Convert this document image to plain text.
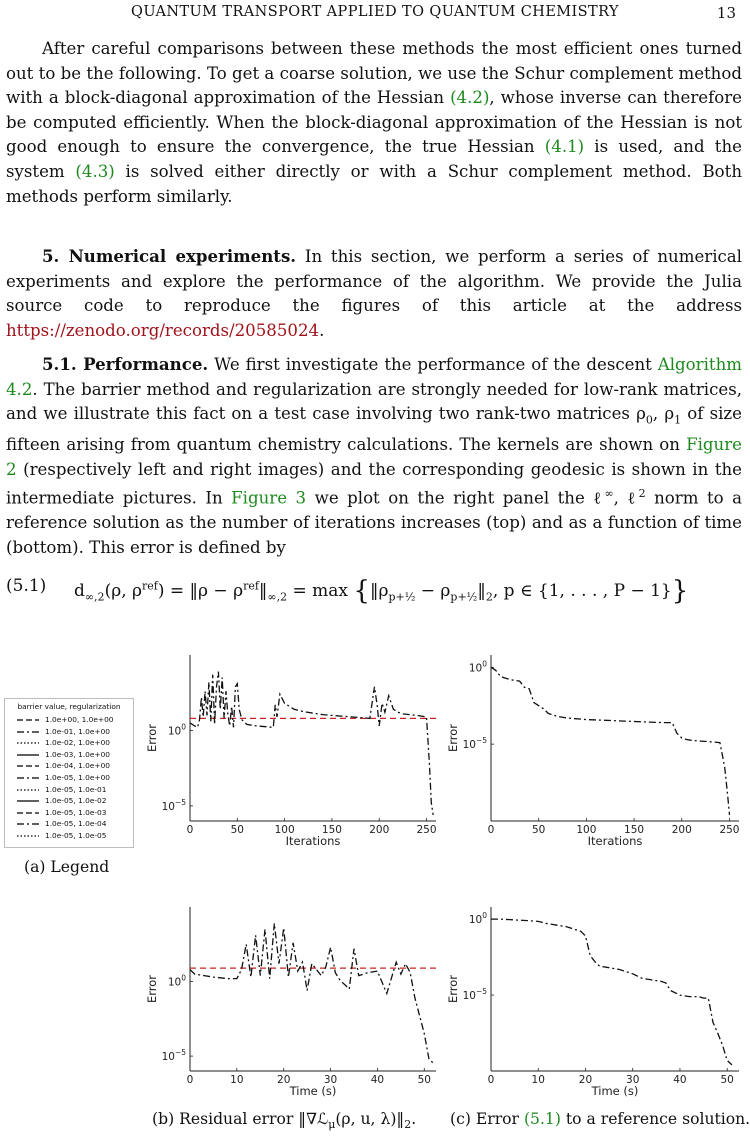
QUANTUM TRANSPORT APPLIED TO QUANTUM CHEMISTRY	13
After careful comparisons between these methods the most efficient ones turned out to be the following. To get a coarse solution, we use the Schur complement method with a block-diagonal approximation of the Hessian (4.2), whose inverse can therefore be computed efficiently. When the block-diagonal approximation of the Hessian is not good enough to ensure the convergence, the true Hessian (4.1) is used, and the system (4.3) is solved either directly or with a Schur complement method. Both methods perform similarly.
5. Numerical experiments. In this section, we perform a series of numerical experiments and explore the performance of the algorithm. We provide the Julia source code to reproduce the figures of this article at the address https://zenodo.org/records/20585024.
5.1. Performance. We first investigate the performance of the descent Algorithm 4.2. The barrier method and regularization are strongly needed for low-rank matrices, and we illustrate this fact on a test case involving two rank-two matrices $\rho_0$, $\rho_1$ of size fifteen arising from quantum chemistry calculations. The kernels are shown on Figure 2 (respectively left and right images) and the corresponding geodesic is shown in the intermediate pictures. In Figure 3 we plot on the right panel the ℓ∞, ℓ$^2$ norm to a reference solution as the number of iterations increases (top) and as a function of time (bottom). This error is defined by
(5.1) $d_{\infty,2}(\rho$, $\rho^{ref}$) = ‖ρ − $\rho^{ref}‖_{\infty,2} = \max$ {$‖\rho_{p+\frac{1}{2}}$ − $\rho_{p+\frac{1}{2}}‖_2$, p ∈ {1, . . . , P − 1}}
0	50	100	150	200	250
$10^{-5}$
$10^0$
Iterations
Error
0	50	100	150	200	250
$10^{-5}$
$10^0$
Iterations
Error
0	10	20	30	40	50
$10^{-5}$
$10^0$
Time (s)
Error
0	10	20	30	40	50
$10^{-5}$
$10^0$
Time (s)
Error
barrier value, regularization
1.0e+00, 1.0e+00
1.0e-01, 1.0e+00
1.0e-02, 1.0e+00
1.0e-03, 1.0e+00
1.0e-04, 1.0e+00
1.0e-05, 1.0e+00
1.0e-05, 1.0e-01
1.0e-05, 1.0e-02
1.0e-05, 1.0e-03
1.0e-05, 1.0e-04
1.0e-05, 1.0e-05
(a) Legend
(b) Residual error ‖∇ℒ$_\mu$(ρ, u, $\lambda)‖_2$. (c) Error (5.1) to a reference solution.
